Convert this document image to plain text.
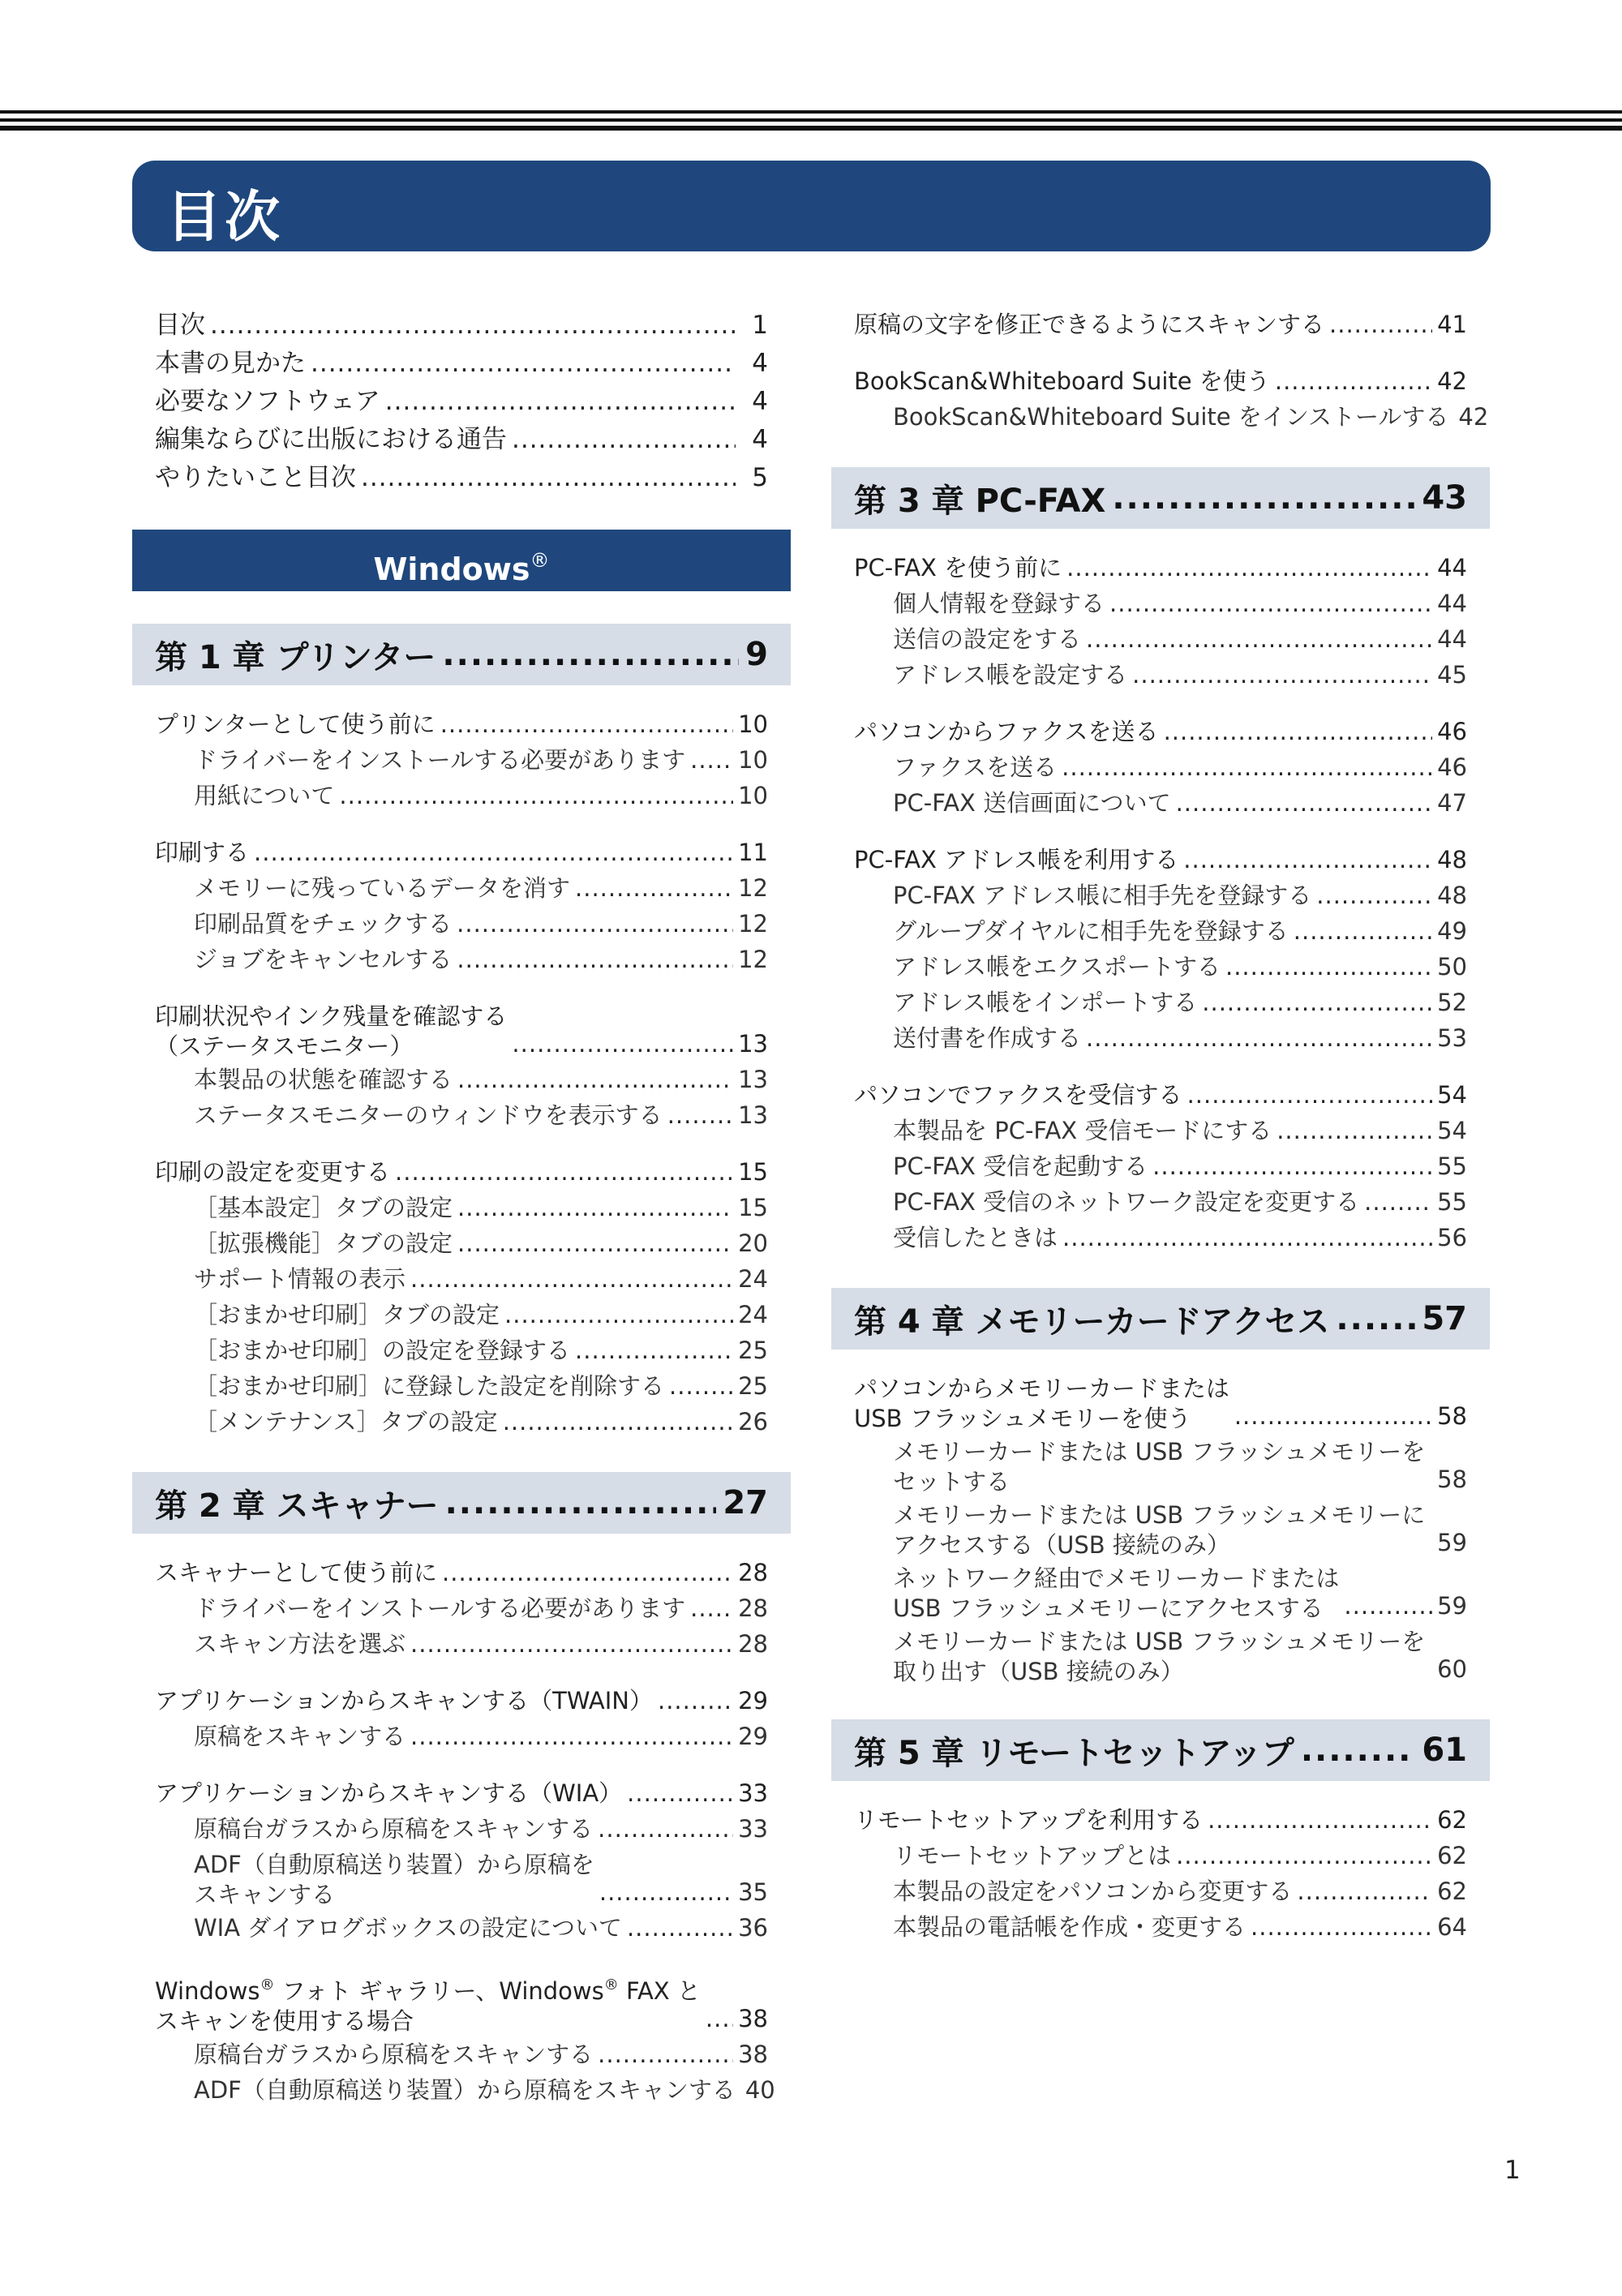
目次
目次 .....	1
本書の見かた .....	4
必要なソフトウェア .....	4
編集ならびに出版における通告 .....	4
やりたいこと目次 .....	5
Windows®
第 1 章 プリンター .....	9
プリンターとして使う前に .....	10
ドライバーをインストールする必要があります ..... 10
用紙について .....	10
印刷する .....	11
メモリーに残っているデータを消す .....	12
印刷品質をチェックする .....	12
ジョブをキャンセルする .....	12
印刷状況やインク残量を確認する
（ステータスモニター） .....	13
本製品の状態を確認する .....	13
ステータスモニターのウィンドウを表示する .....	13
印刷の設定を変更する .....	15
［基本設定］タブの設定 .....	15
［拡張機能］タブの設定 .....	20
サポート情報の表示 .....	24
［おまかせ印刷］タブの設定 .....	24
［おまかせ印刷］の設定を登録する .....	25
［おまかせ印刷］に登録した設定を削除する .....	25
［メンテナンス］タブの設定 .....	26
第 2 章 スキャナー .....	27
スキャナーとして使う前に .....	28
ドライバーをインストールする必要があります ..... 28
スキャン方法を選ぶ .....	28
アプリケーションからスキャンする（TWAIN） .....	29
原稿をスキャンする .....	29
アプリケーションからスキャンする（WIA） .....	33
原稿台ガラスから原稿をスキャンする .....	33
ADF（自動原稿送り装置）から原稿を
スキャンする .....	35
WIA ダイアログボックスの設定について .....	36
Windows® フォト ギャラリー、Windows® FAX と
スキャンを使用する場合 .....	38
原稿台ガラスから原稿をスキャンする .....	38
ADF（自動原稿送り装置）から原稿をスキャンする 40
原稿の文字を修正できるようにスキャンする .....	41
BookScan&Whiteboard Suite を使う .....	42
BookScan&Whiteboard Suite をインストールする 42
第 3 章 PC-FAX .....	43
PC-FAX を使う前に .....	44
個人情報を登録する .....	44
送信の設定をする .....	44
アドレス帳を設定する .....	45
パソコンからファクスを送る .....	46
ファクスを送る .....	46
PC-FAX 送信画面について .....	47
PC-FAX アドレス帳を利用する .....	48
PC-FAX アドレス帳に相手先を登録する .....	48
グループダイヤルに相手先を登録する .....	49
アドレス帳をエクスポートする .....	50
アドレス帳をインポートする .....	52
送付書を作成する .....	53
パソコンでファクスを受信する .....	54
本製品を PC-FAX 受信モードにする .....	54
PC-FAX 受信を起動する .....	55
PC-FAX 受信のネットワーク設定を変更する .....	55
受信したときは .....	56
第 4 章 メモリーカードアクセス .....	57
パソコンからメモリーカードまたは
USB フラッシュメモリーを使う .....	58
メモリーカードまたは USB フラッシュメモリーを
セットする .....	58
メモリーカードまたは USB フラッシュメモリーに
アクセスする（USB 接続のみ） .....	59
ネットワーク経由でメモリーカードまたは
USB フラッシュメモリーにアクセスする .....	59
メモリーカードまたは USB フラッシュメモリーを
取り出す（USB 接続のみ） .....	60
第 5 章 リモートセットアップ .....	61
リモートセットアップを利用する .....	62
リモートセットアップとは .....	62
本製品の設定をパソコンから変更する .....	62
本製品の電話帳を作成・変更する .....	64
1
